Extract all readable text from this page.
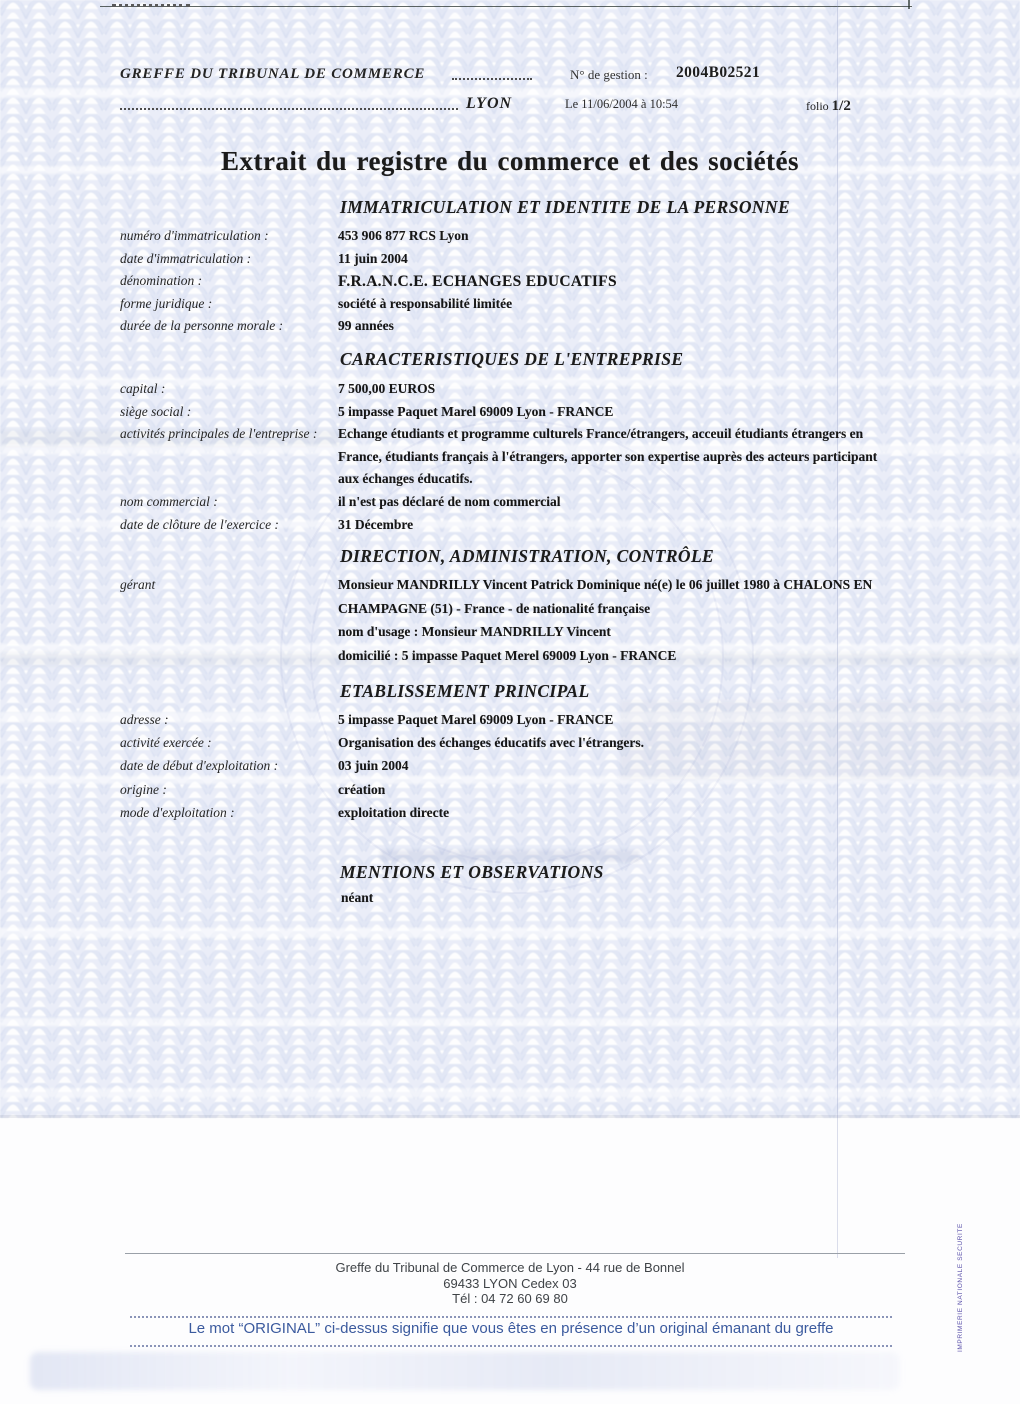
GREFFE DU TRIBUNAL DE COMMERCE
LYON
N° de gestion : 2004B02521
Le 11/06/2004 à 10:54	folio 1/2
Extrait du registre du commerce et des sociétés
IMMATRICULATION ET IDENTITE DE LA PERSONNE
numéro d'immatriculation :	453 906 877 RCS Lyon
date d'immatriculation :	11 juin 2004
dénomination :	F.R.A.N.C.E. ECHANGES EDUCATIFS
forme juridique :	société à responsabilité limitée
durée de la personne morale :	99 années
CARACTERISTIQUES DE L'ENTREPRISE
capital :	7 500,00 EUROS
siège social :	5 impasse Paquet Marel 69009 Lyon - FRANCE
activités principales de l'entreprise : Echange étudiants et programme culturels France/étrangers, acceuil étudiants étrangers en
France, étudiants français à l'étrangers, apporter son expertise auprès des acteurs participant
aux échanges éducatifs.
nom commercial :	il n'est pas déclaré de nom commercial
date de clôture de l'exercice :	31 Décembre
DIRECTION, ADMINISTRATION, CONTRÔLE
gérant	Monsieur MANDRILLY Vincent Patrick Dominique né(e) le 06 juillet 1980 à CHALONS EN
CHAMPAGNE (51) - France - de nationalité française
nom d'usage : Monsieur MANDRILLY Vincent
domicilié : 5 impasse Paquet Merel 69009 Lyon - FRANCE
ETABLISSEMENT PRINCIPAL
adresse :	5 impasse Paquet Marel 69009 Lyon - FRANCE
activité exercée :	Organisation des échanges éducatifs avec l'étrangers.
date de début d'exploitation :	03 juin 2004
origine :	création
mode d'exploitation :	exploitation directe
MENTIONS ET OBSERVATIONS
néant
Greffe du Tribunal de Commerce de Lyon - 44 rue de Bonnel
69433 LYON Cedex 03
Tél : 04 72 60 69 80
Le mot “ORIGINAL” ci-dessus signifie que vous êtes en présence d’un original émanant du greffe	IMPRIMERIE NATIONALE SECURITE
